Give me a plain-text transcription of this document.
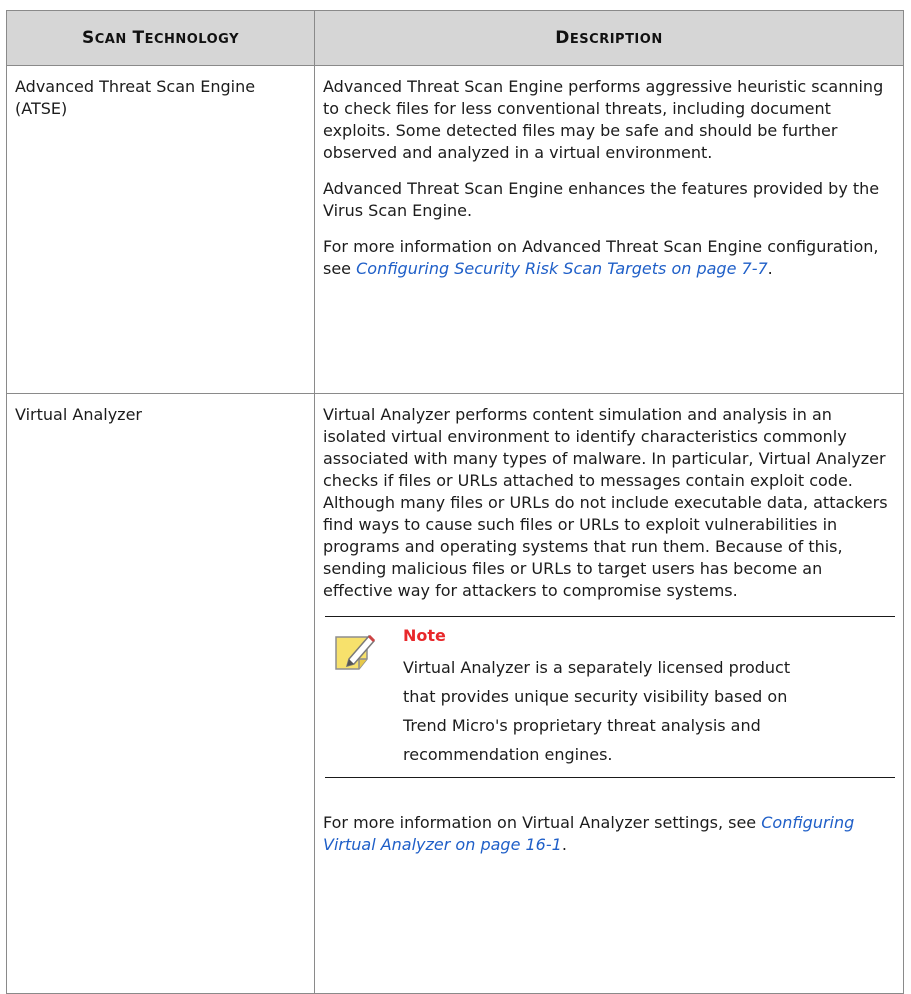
SCAN TECHNOLOGY	DESCRIPTION
Advanced Threat Scan Engine (ATSE)	Advanced Threat Scan Engine performs aggressive heuristic scanning to check files for less conventional threats, including document exploits. Some detected files may be safe and should be further observed and analyzed in a virtual environment.

Advanced Threat Scan Engine enhances the features provided by the Virus Scan Engine.

For more information on Advanced Threat Scan Engine configuration, see Configuring Security Risk Scan Targets on page 7-7.

Virtual Analyzer	Virtual Analyzer performs content simulation and analysis in an isolated virtual environment to identify characteristics commonly associated with many types of malware. In particular, Virtual Analyzer checks if files or URLs attached to messages contain exploit code. Although many files or URLs do not include executable data, attackers find ways to cause such files or URLs to exploit vulnerabilities in programs and operating systems that run them. Because of this, sending malicious files or URLs to target users has become an effective way for attackers to compromise systems.

Note
Virtual Analyzer is a separately licensed product that provides unique security visibility based on Trend Micro's proprietary threat analysis and recommendation engines.

For more information on Virtual Analyzer settings, see Configuring Virtual Analyzer on page 16-1.
